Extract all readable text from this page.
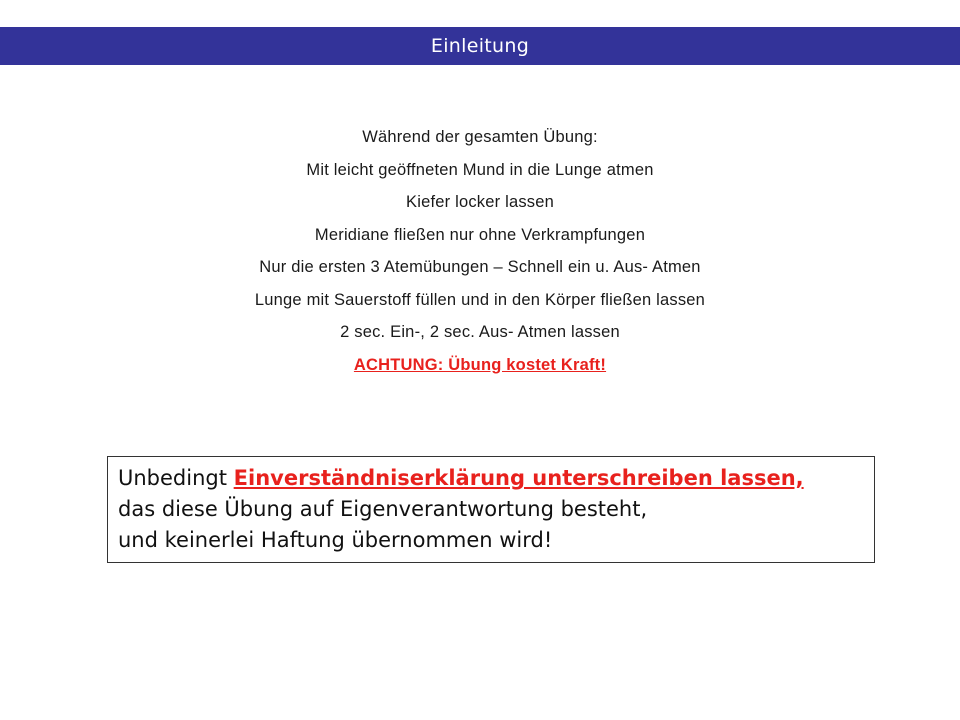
Einleitung
Während der gesamten Übung:
Mit leicht geöffneten Mund in die Lunge atmen
Kiefer locker lassen
Meridiane fließen nur ohne Verkrampfungen
Nur die ersten 3 Atemübungen – Schnell ein u. Aus- Atmen
Lunge mit Sauerstoff füllen und in den Körper fließen lassen
2 sec. Ein-, 2 sec. Aus- Atmen lassen
ACHTUNG: Übung kostet Kraft!
Unbedingt Einverständniserklärung unterschreiben lassen,
das diese Übung auf Eigenverantwortung besteht,
und keinerlei Haftung übernommen wird!
